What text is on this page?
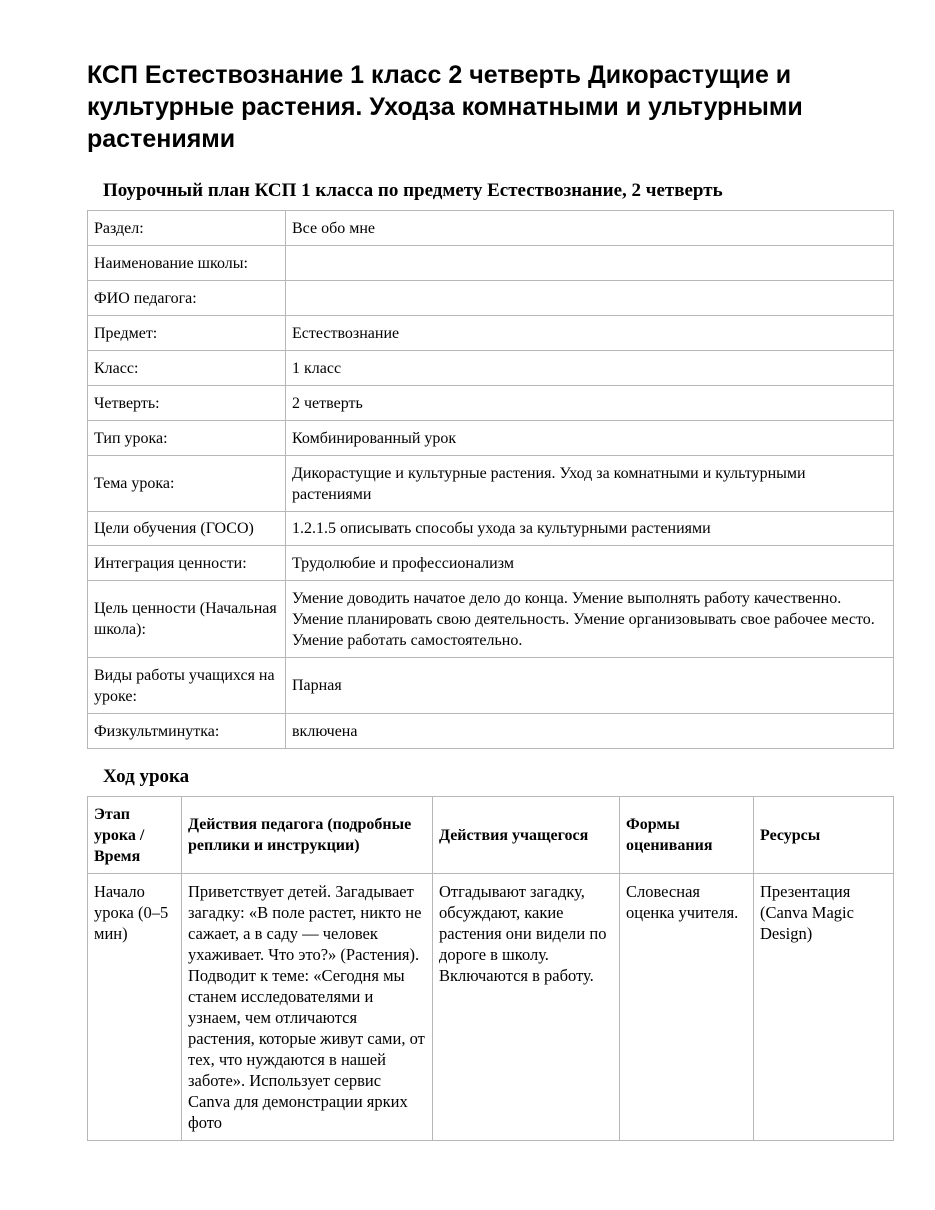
КСП Естествознание 1 класс 2 четверть Дикорастущие и культурные растения. Уходза комнатными и ультурными растениями
Поурочный план КСП 1 класса по предмету Естествознание, 2 четверть
Раздел:	Все обо мне
Наименование школы:	
ФИО педагога:	
Предмет:	Естествознание
Класс:	1 класс
Четверть:	2 четверть
Тип урока:	Комбинированный урок
Тема урока:	Дикорастущие и культурные растения. Уход за комнатными и культурными растениями
Цели обучения (ГОСО)	1.2.1.5 описывать способы ухода за культурными растениями
Интеграция ценности:	Трудолюбие и профессионализм
Цель ценности (Начальная школа):	Умение доводить начатое дело до конца. Умение выполнять работу качественно. Умение планировать свою деятельность. Умение организовывать свое рабочее место. Умение работать самостоятельно.
Виды работы учащихся на уроке:	Парная
Физкультминутка:	включена
Ход урока
Этап урока / Время	Действия педагога (подробные реплики и инструкции)	Действия учащегося	Формы оценивания	Ресурсы
Начало урока (0–5 мин)	Приветствует детей. Загадывает загадку: «В поле растет, никто не сажает, а в саду — человек ухаживает. Что это?» (Растения). Подводит к теме: «Сегодня мы станем исследователями и узнаем, чем отличаются растения, которые живут сами, от тех, что нуждаются в нашей заботе». Использует сервис Canva для демонстрации ярких фото	Отгадывают загадку, обсуждают, какие растения они видели по дороге в школу. Включаются в работу.	Словесная оценка учителя.	Презентация (Canva Magic Design)
